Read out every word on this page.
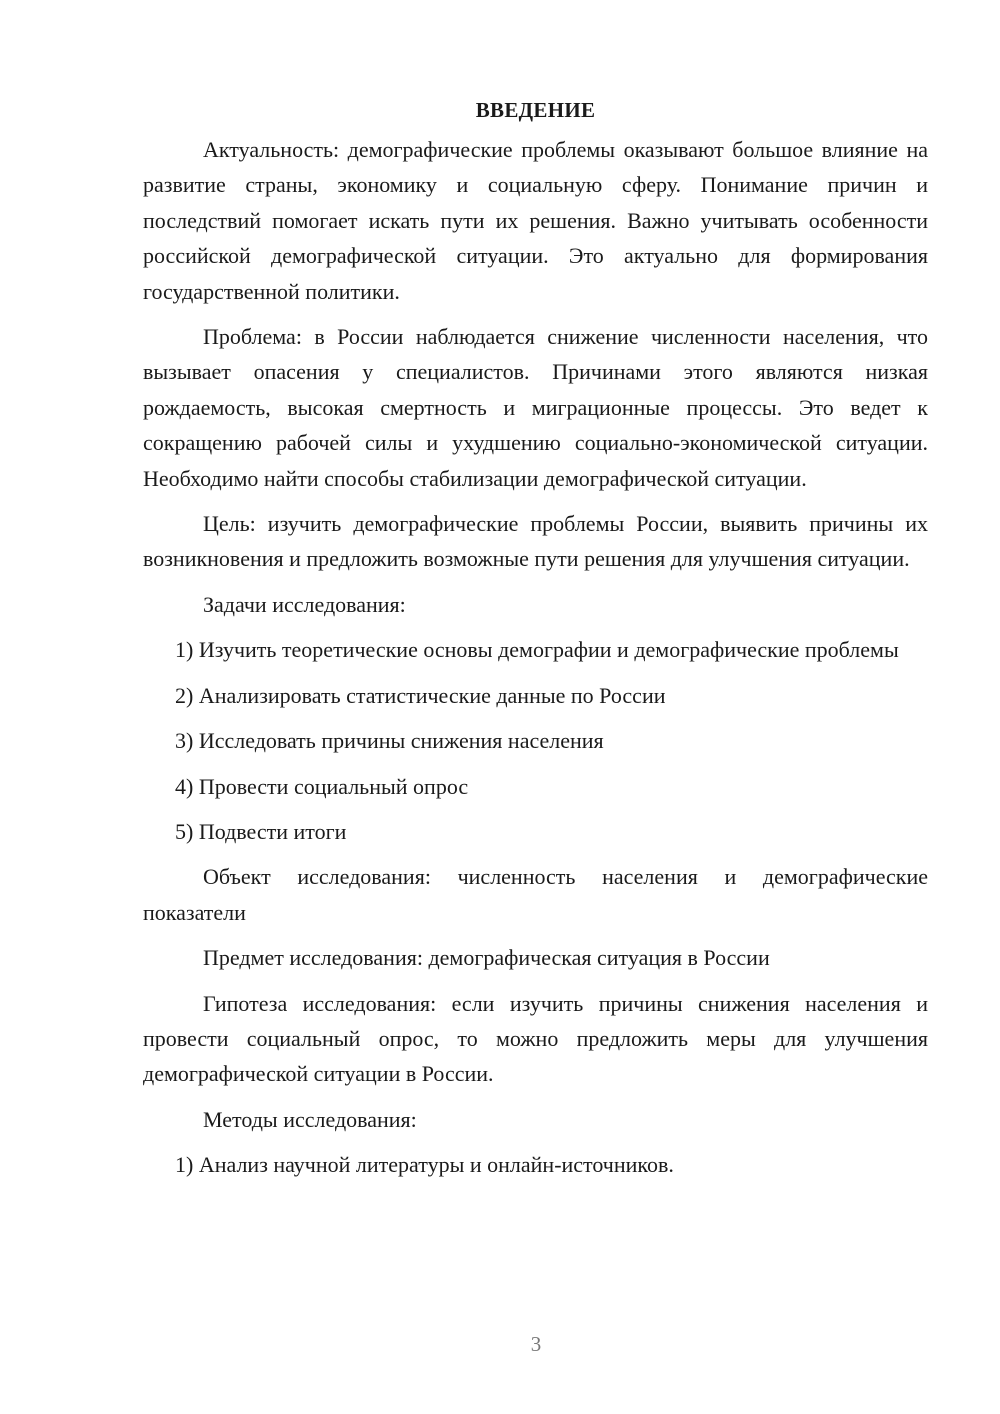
ВВЕДЕНИЕ

Актуальность: демографические проблемы оказывают большое влияние на развитие страны, экономику и социальную сферу. Понимание причин и последствий помогает искать пути их решения. Важно учитывать особенности российской демографической ситуации. Это актуально для формирования государственной политики.

Проблема: в России наблюдается снижение численности населения, что вызывает опасения у специалистов. Причинами этого являются низкая рождаемость, высокая смертность и миграционные процессы. Это ведет к сокращению рабочей силы и ухудшению социально-экономической ситуации. Необходимо найти способы стабилизации демографической ситуации.

Цель: изучить демографические проблемы России, выявить причины их возникновения и предложить возможные пути решения для улучшения ситуации.

Задачи исследования:

1) Изучить теоретические основы демографии и демографические проблемы

2) Анализировать статистические данные по России

3) Исследовать причины снижения населения

4) Провести социальный опрос

5) Подвести итоги

Объект исследования: численность населения и демографические показатели

Предмет исследования: демографическая ситуация в России

Гипотеза исследования: если изучить причины снижения населения и провести социальный опрос, то можно предложить меры для улучшения демографической ситуации в России.

Методы исследования:

1) Анализ научной литературы и онлайн-источников.

3
